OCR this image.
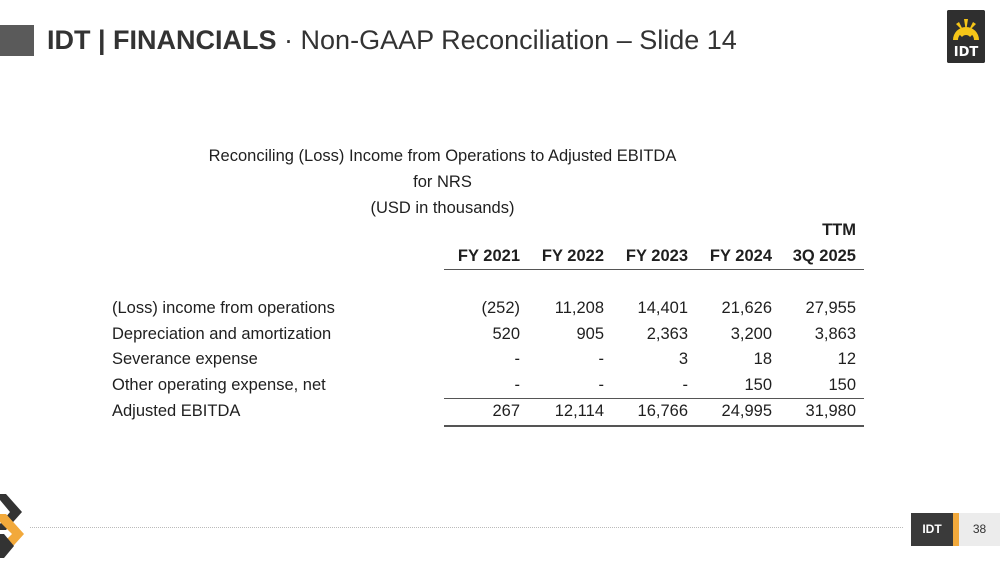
IDT | FINANCIALS · Non-GAAP Reconciliation – Slide 14	IDT
Reconciling (Loss) Income from Operations to Adjusted EBITDA
for NRS
(USD in thousands)
					TTM
	FY 2021	FY 2022	FY 2023	FY 2024	3Q 2025

(Loss) income from operations	(252)	11,208	14,401	21,626	27,955
Depreciation and amortization	520	905	2,363	3,200	3,863
Severance expense	-	-	3	18	12
Other operating expense, net	-	-	-	150	150
Adjusted EBITDA	267	12,114	16,766	24,995	31,980
IDT	38
